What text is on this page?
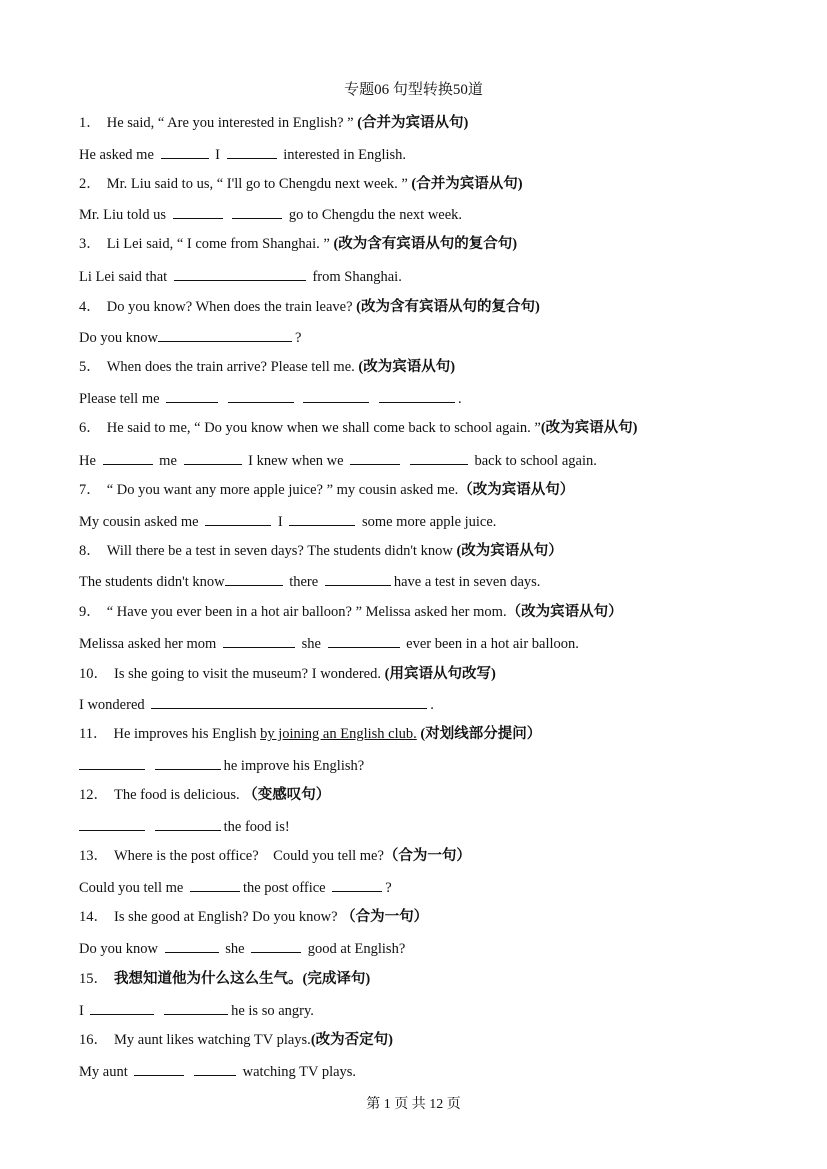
专题06 句型转换50道
1． He said, “ Are you interested in English? ” (合并为宾语从句)
He asked me	I	interested in English.
2． Mr. Liu said to us, “ I'll go to Chengdu next week. ” (合并为宾语从句)
Mr. Liu told us	go to Chengdu the next week.
3． Li Lei said, “ I come from Shanghai. ” (改为含有宾语从句的复合句)
Li Lei said that	from Shanghai.
4． Do you know? When does the train leave? (改为含有宾语从句的复合句)
Do you know	?
5． When does the train arrive? Please tell me. (改为宾语从句)
Please tell me	.
6． He said to me, “ Do you know when we shall come back to school again. ”(改为宾语从句)
He	me	I knew when we	back to school again.
7． “ Do you want any more apple juice? ” my cousin asked me.（改为宾语从句）
My cousin asked me	I	some more apple juice.
8． Will there be a test in seven days? The students didn't know (改为宾语从句）
The students didn't know	there	have a test in seven days.
9． “ Have you ever been in a hot air balloon? ” Melissa asked her mom.（改为宾语从句）
Melissa asked her mom	she	ever been in a hot air balloon.
10． Is she going to visit the museum? I wondered. (用宾语从句改写)
I wondered	.
11． He improves his English by joining an English club. (对划线部分提问）
he improve his English?
12． The food is delicious. （变感叹句）
the food is!
13． Where is the post office?    Could you tell me?（合为一句）
Could you tell me	the post office	?
14． Is she good at English? Do you know? （合为一句）
Do you know	she	good at English?
15． 我想知道他为什么这么生气。(完成译句)
I	he is so angry.
16． My aunt likes watching TV plays.(改为否定句)
My aunt	watching TV plays.
第 1 页 共 12 页
